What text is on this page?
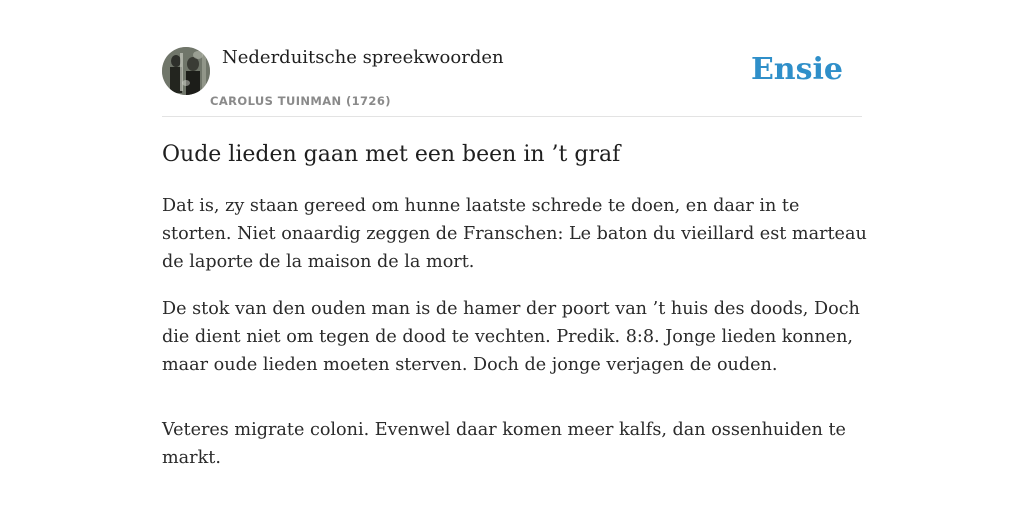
Nederduitsche spreekwoorden
CAROLUS TUINMAN (1726)
Ensie
Oude lieden gaan met een been in ’t graf

Dat is, zy staan gereed om hunne laatste schrede te doen, en daar in te storten. Niet onaardig zeggen de Franschen: Le baton du vieillard est marteau de laporte de la maison de la mort.

De stok van den ouden man is de hamer der poort van ’t huis des doods, Doch die dient niet om tegen de dood te vechten. Predik. 8:8. Jonge lieden konnen, maar oude lieden moeten sterven. Doch de jonge verjagen de ouden.

Veteres migrate coloni. Evenwel daar komen meer kalfs, dan ossenhuiden te markt.
